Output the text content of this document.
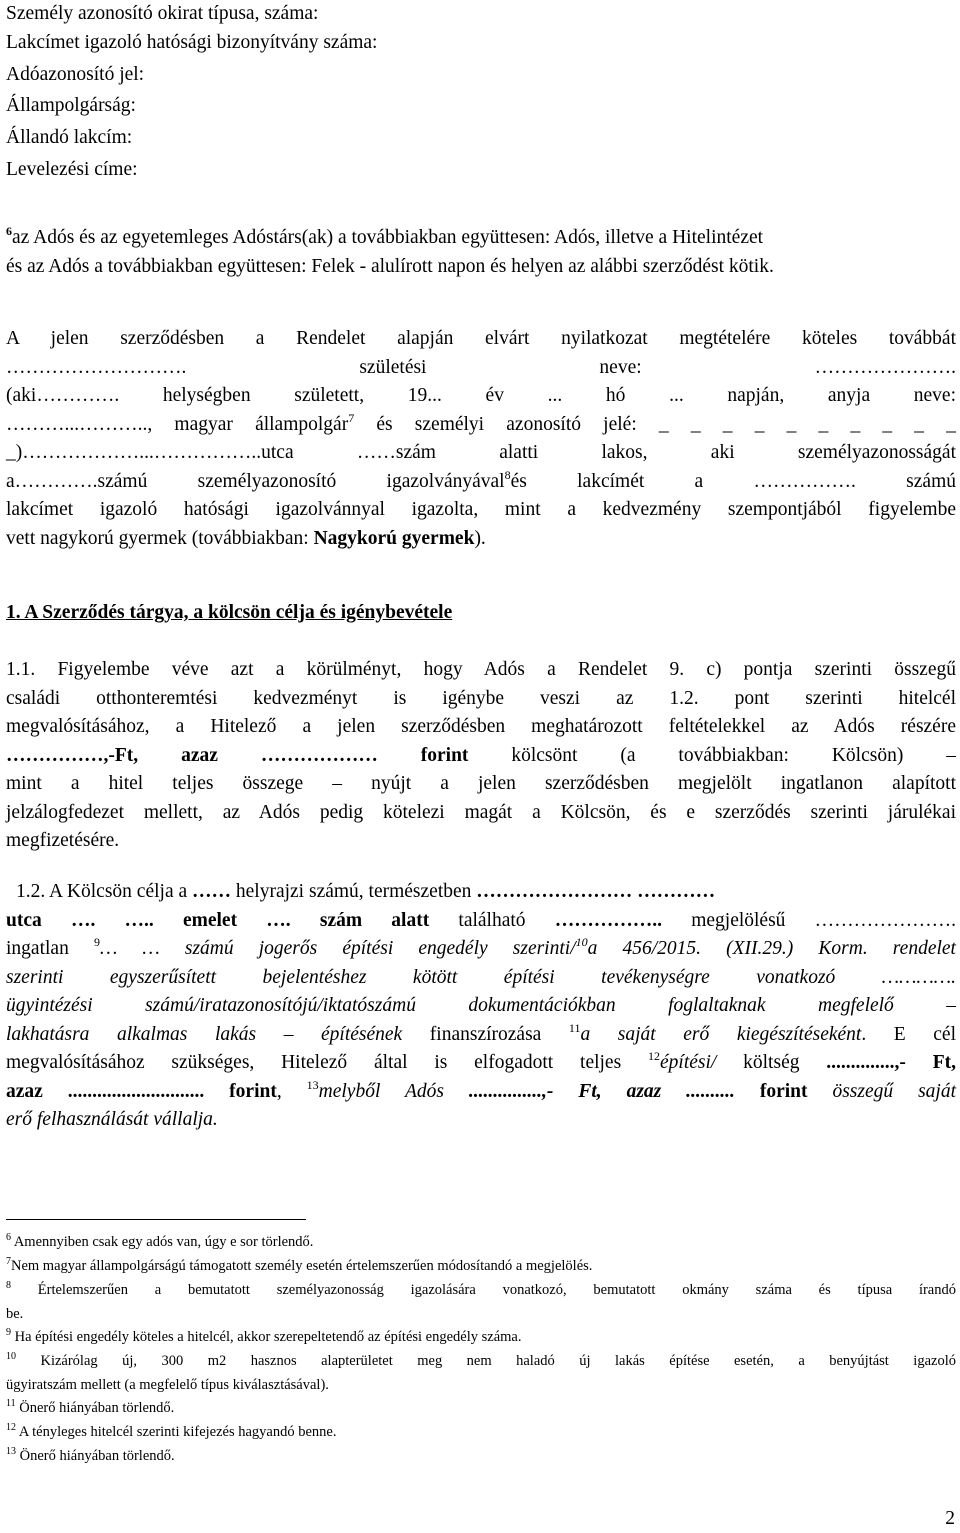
Személy azonosító okirat típusa, száma:
Lakcímet igazoló hatósági bizonyítvány száma:
Adóazonosító jel:
Állampolgárság:
Állandó lakcím:
Levelezési címe:
$^6$az Adós és az egyetemleges Adóstárs(ak) a továbbiakban együttesen: Adós, illetve a Hitelintézet
és az Adós a továbbiakban együttesen: Felek - alulírott napon és helyen az alábbi szerződést kötik.
A jelen szerződésben a Rendelet alapján elvárt nyilatkozat megtételére köteles továbbát
………………………. születési neve: ………………….
(aki…………. helységben született, 19... év ... hó ... napján, anyja neve:
………...……….., magyar állampolgár$^7$ és személyi azonosító jelé: _ _ _ _ _ _ _ _ _ _
_)………………...……………..utca ……szám alatti lakos, aki személyazonosságát
a………….számú személyazonosító igazolványával$^8$és lakcímét a ……………. számú
lakcímet igazoló hatósági igazolvánnyal igazolta, mint a kedvezmény szempontjából figyelembe
vett nagykorú gyermek (továbbiakban: Nagykorú gyermek).
1. A Szerződés tárgya, a kölcsön célja és igénybevétele
1.1. Figyelembe véve azt a körülményt, hogy Adós a Rendelet 9. c) pontja szerinti összegű
családi otthonteremtési kedvezményt is igénybe veszi az 1.2. pont szerinti hitelcél
megvalósításához, a Hitelező a jelen szerződésben meghatározott feltételekkel az Adós részére
……………,-Ft, azaz ……………… forint kölcsönt (a továbbiakban: Kölcsön) –
mint a hitel teljes összege – nyújt a jelen szerződésben megjelölt ingatlanon alapított
jelzálogfedezet mellett, az Adós pedig kötelezi magát a Kölcsön, és e szerződés szerinti járulékai
megfizetésére.
1.2. A Kölcsön célja a …… helyrajzi számú, természetben …………………… …………
utca …. ….. emelet …. szám alatt található …………….. megjelölésű ………………….
ingatlan $^9$… … számú jogerős építési engedély szerinti/$^{10}$a 456/2015. (XII.29.) Korm. rendelet
szerinti egyszerűsített bejelentéshez kötött építési tevékenységre vonatkozó ………….
ügyintézési számú/iratazonosítójú/iktatószámú dokumentációkban foglaltaknak megfelelő –
lakhatásra alkalmas lakás – építésének finanszírozása $^{11}$a saját erő kiegészítéseként. E cél
megvalósításához szükséges, Hitelező által is elfogadott teljes $^{12}$építési/ költség ..............,- Ft,
azaz ............................ forint, $^{13}$melyből Adós ...............,- Ft, azaz .......... forint összegű saját
erő felhasználását vállalja.
$^6$ Amennyiben csak egy adós van, úgy e sor törlendő.
$^7$Nem magyar állampolgárságú támogatott személy esetén értelemszerűen módosítandó a megjelölés.
$^8$ Értelemszerűen a bemutatott személyazonosság igazolására vonatkozó, bemutatott okmány száma és típusa írandó
be.
$^9$ Ha építési engedély köteles a hitelcél, akkor szerepeltetendő az építési engedély száma.
$^{10}$ Kizárólag új, 300 m2 hasznos alapterületet meg nem haladó új lakás építése esetén, a benyújtást igazoló
ügyiratszám mellett (a megfelelő típus kiválasztásával).
$^{11}$ Önerő hiányában törlendő.
$^{12}$ A tényleges hitelcél szerinti kifejezés hagyandó benne.
$^{13}$ Önerő hiányában törlendő.
2
